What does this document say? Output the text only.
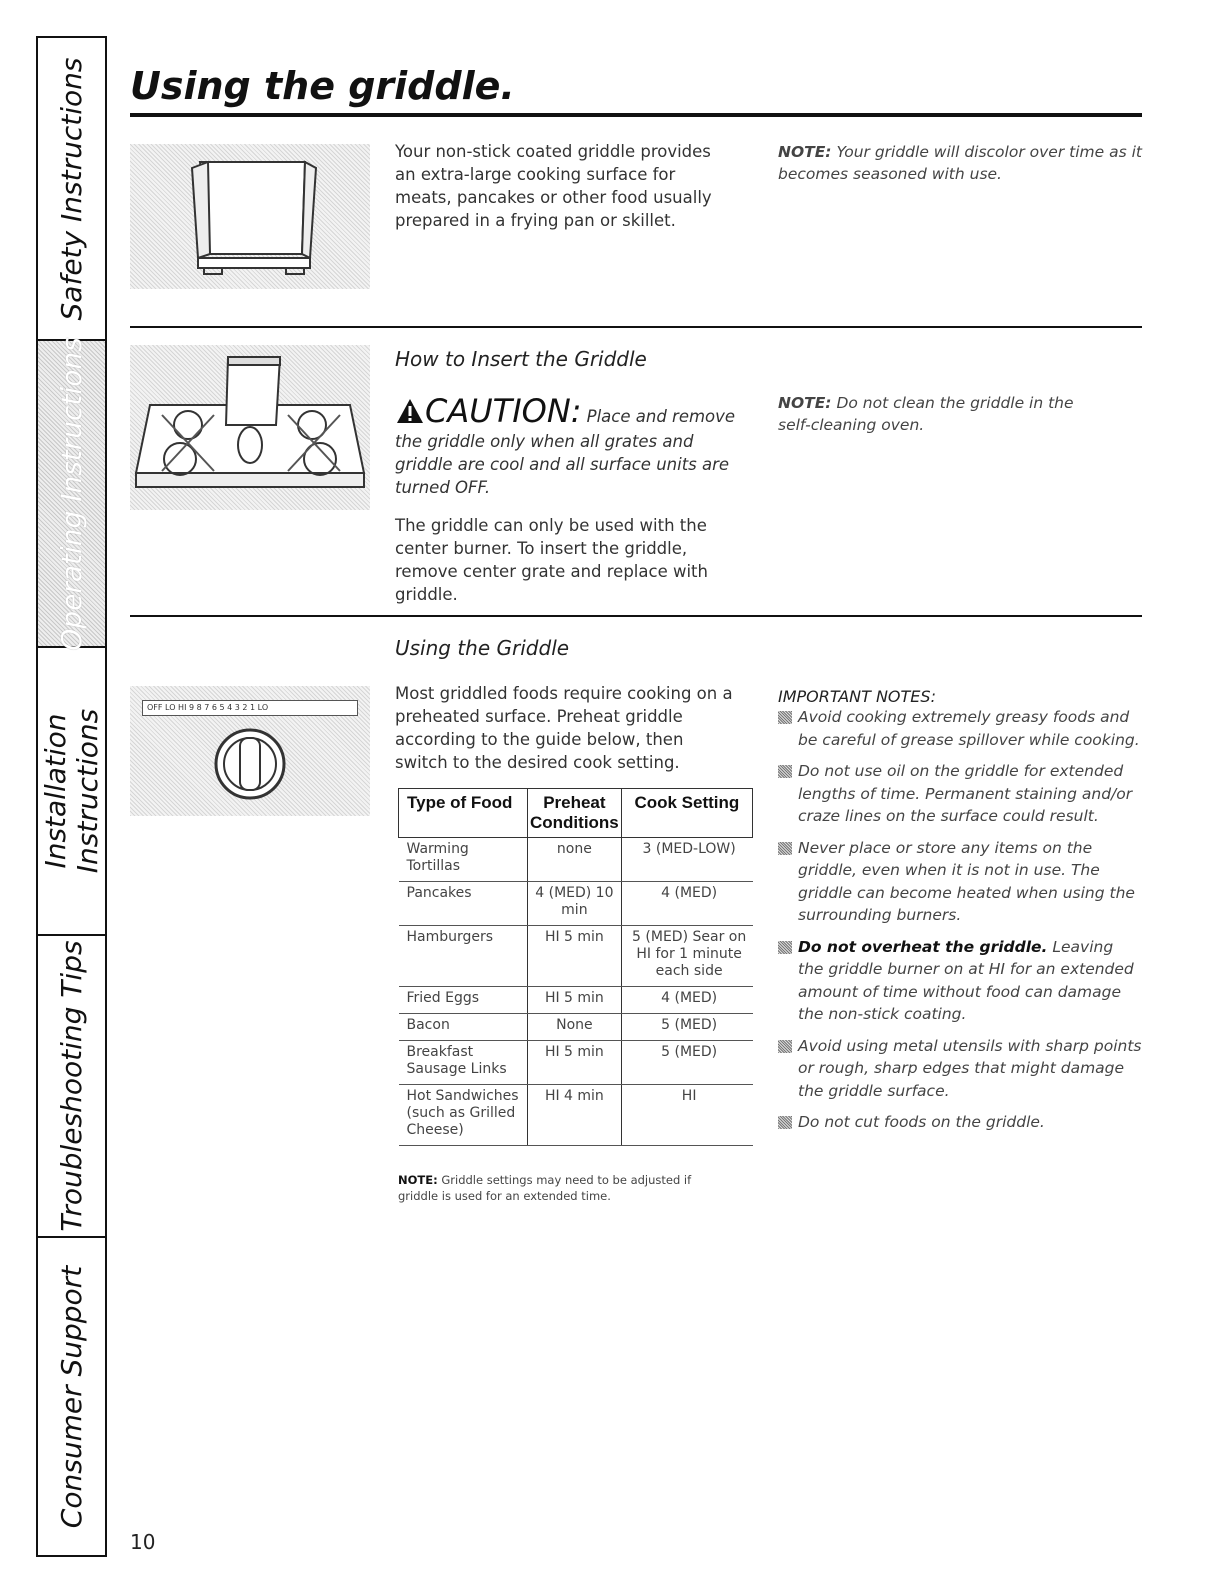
Safety Instructions
Operating Instructions
Installation Instructions
Troubleshooting Tips
Consumer Support
Using the griddle.
Your non-stick coated griddle provides an extra-large cooking surface for meats, pancakes or other food usually prepared in a frying pan or skillet.
NOTE: Your griddle will discolor over time as it becomes seasoned with use.
How to Insert the Griddle
CAUTION: Place and remove
the griddle only when all grates and griddle are cool and all surface units are turned OFF.
The griddle can only be used with the center burner. To insert the griddle, remove center grate and replace with griddle.
NOTE: Do not clean the griddle in the self-cleaning oven.
Using the Griddle
OFF LO HI 9 8 7 6 5 4 3 2 1 LO
Most griddled foods require cooking on a preheated surface. Preheat griddle according to the guide below, then switch to the desired cook setting.
Type of Food	Preheat Conditions	Cook Setting
Warming Tortillas	none	3 (MED-LOW)
Pancakes	4 (MED) 10 min	4 (MED)
Hamburgers	HI 5 min	5 (MED) Sear on HI for 1 minute each side
Fried Eggs	HI 5 min	4 (MED)
Bacon	None	5 (MED)
Breakfast Sausage Links	HI 5 min	5 (MED)
Hot Sandwiches (such as Grilled Cheese)	HI 4 min	HI
NOTE: Griddle settings may need to be adjusted if griddle is used for an extended time.
IMPORTANT NOTES:
Avoid cooking extremely greasy foods and be careful of grease spillover while cooking.
Do not use oil on the griddle for extended lengths of time. Permanent staining and/or craze lines on the surface could result.
Never place or store any items on the griddle, even when it is not in use. The griddle can become heated when using the surrounding burners.
Do not overheat the griddle. Leaving the griddle burner on at HI for an extended amount of time without food can damage the non-stick coating.
Avoid using metal utensils with sharp points or rough, sharp edges that might damage the griddle surface.
Do not cut foods on the griddle.
10
